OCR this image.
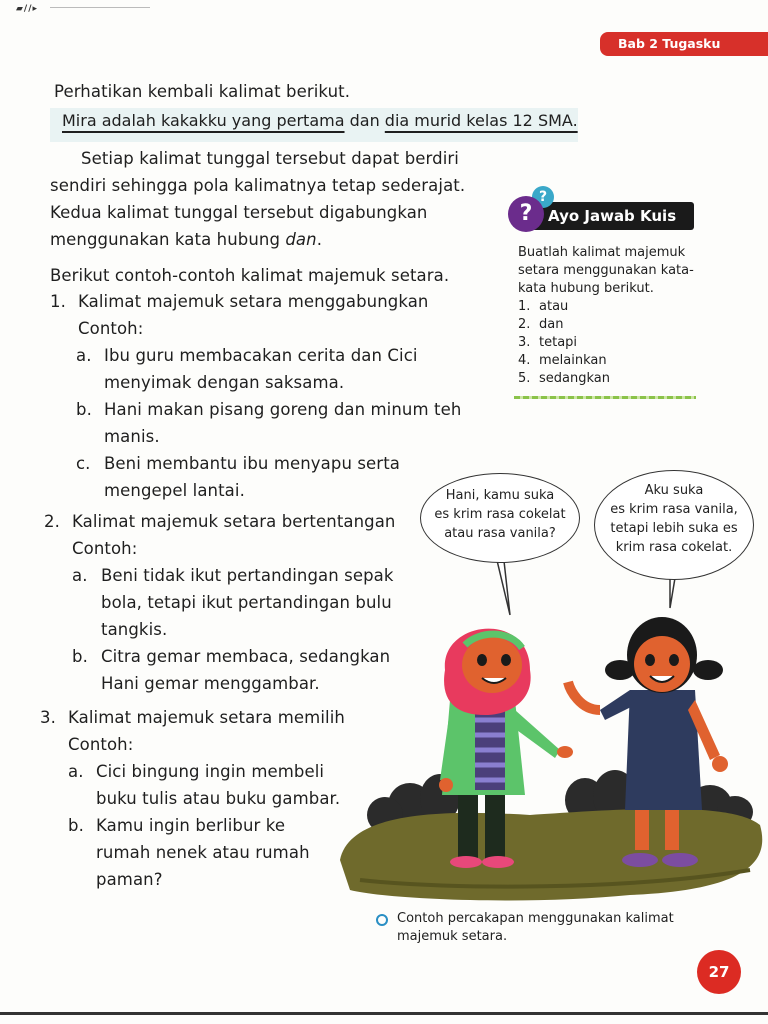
▰//▸
Bab 2 Tugasku
Perhatikan kembali kalimat berikut.
Mira adalah kakakku yang pertama dan dia murid kelas 12 SMA.
Setiap kalimat tunggal tersebut dapat berdiri
sendiri sehingga pola kalimatnya tetap sederajat.
Kedua kalimat tunggal tersebut digabungkan
menggunakan kata hubung dan.
Berikut contoh-contoh kalimat majemuk setara.
1. Kalimat majemuk setara menggabungkan
Contoh:
a. Ibu guru membacakan cerita dan Cici
menyimak dengan saksama.
b. Hani makan pisang goreng dan minum teh
manis.
c. Beni membantu ibu menyapu serta
mengepel lantai.
2. Kalimat majemuk setara bertentangan
Contoh:
a. Beni tidak ikut pertandingan sepak
bola, tetapi ikut pertandingan bulu
tangkis.
b. Citra gemar membaca, sedangkan
Hani gemar menggambar.
3. Kalimat majemuk setara memilih
Contoh:
a. Cici bingung ingin membeli
buku tulis atau buku gambar.
b. Kamu ingin berlibur ke
rumah nenek atau rumah
paman?
Ayo Jawab Kuis
?
?
Buatlah kalimat majemuk
setara menggunakan kata-
kata hubung berikut.
1. atau
2. dan
3. tetapi
4. melainkan
5. sedangkan
Hani, kamu suka
es krim rasa cokelat
atau rasa vanila?
Aku suka
es krim rasa vanila,
tetapi lebih suka es
krim rasa cokelat.
Contoh percakapan menggunakan kalimat
majemuk setara.
27
